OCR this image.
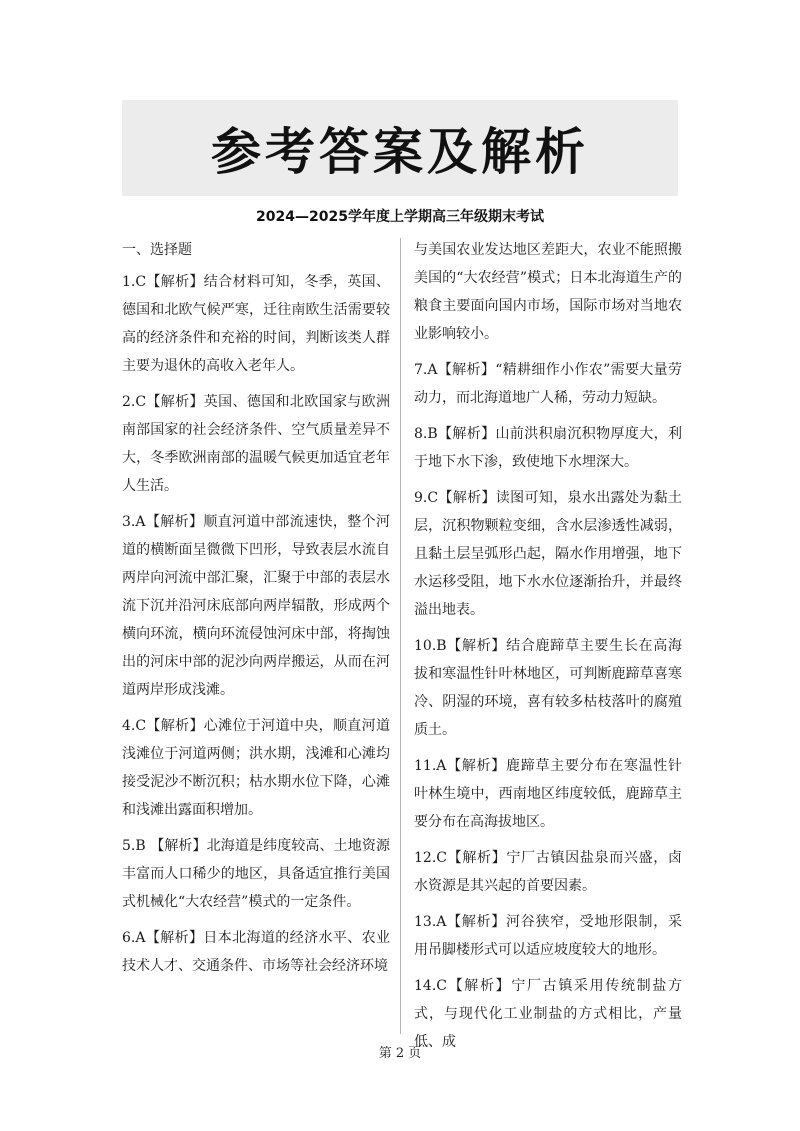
参考答案及解析
2024—2025学年度上学期高三年级期末考试

一、选择题

1.C【解析】结合材料可知，冬季，英国、德国和北欧气候严寒，迁往南欧生活需要较高的经济条件和充裕的时间，判断该类人群主要为退休的高收入老年人。

2.C【解析】英国、德国和北欧国家与欧洲南部国家的社会经济条件、空气质量差异不大，冬季欧洲南部的温暖气候更加适宜老年人生活。

3.A【解析】顺直河道中部流速快，整个河道的横断面呈微微下凹形，导致表层水流自两岸向河流中部汇聚，汇聚于中部的表层水流下沉并沿河床底部向两岸辐散，形成两个横向环流，横向环流侵蚀河床中部，将掏蚀出的河床中部的泥沙向两岸搬运，从而在河道两岸形成浅滩。

4.C【解析】心滩位于河道中央，顺直河道浅滩位于河道两侧；洪水期，浅滩和心滩均接受泥沙不断沉积；枯水期水位下降，心滩和浅滩出露面积增加。

5.B 【解析】北海道是纬度较高、土地资源丰富而人口稀少的地区，具备适宜推行美国式机械化“大农经营”模式的一定条件。

6.A【解析】日本北海道的经济水平、农业技术人才、交通条件、市场等社会经济环境

与美国农业发达地区差距大，农业不能照搬美国的“大农经营”模式；日本北海道生产的粮食主要面向国内市场，国际市场对当地农业影响较小。

7.A【解析】“精耕细作小作农”需要大量劳动力，而北海道地广人稀，劳动力短缺。

8.B【解析】山前洪积扇沉积物厚度大，利于地下水下渗，致使地下水埋深大。

9.C【解析】读图可知，泉水出露处为黏土层，沉积物颗粒变细，含水层渗透性减弱，且黏土层呈弧形凸起，隔水作用增强，地下水运移受阻，地下水水位逐渐抬升，并最终溢出地表。

10.B【解析】结合鹿蹄草主要生长在高海拔和寒温性针叶林地区，可判断鹿蹄草喜寒冷、阴湿的环境，喜有较多枯枝落叶的腐殖质土。

11.A【解析】鹿蹄草主要分布在寒温性针叶林生境中，西南地区纬度较低，鹿蹄草主要分布在高海拔地区。

12.C【解析】宁厂古镇因盐泉而兴盛，卤水资源是其兴起的首要因素。

13.A【解析】河谷狭窄，受地形限制，采用吊脚楼形式可以适应坡度较大的地形。

14.C【解析】宁厂古镇采用传统制盐方式，与现代化工业制盐的方式相比，产量低、成

第 2 页
